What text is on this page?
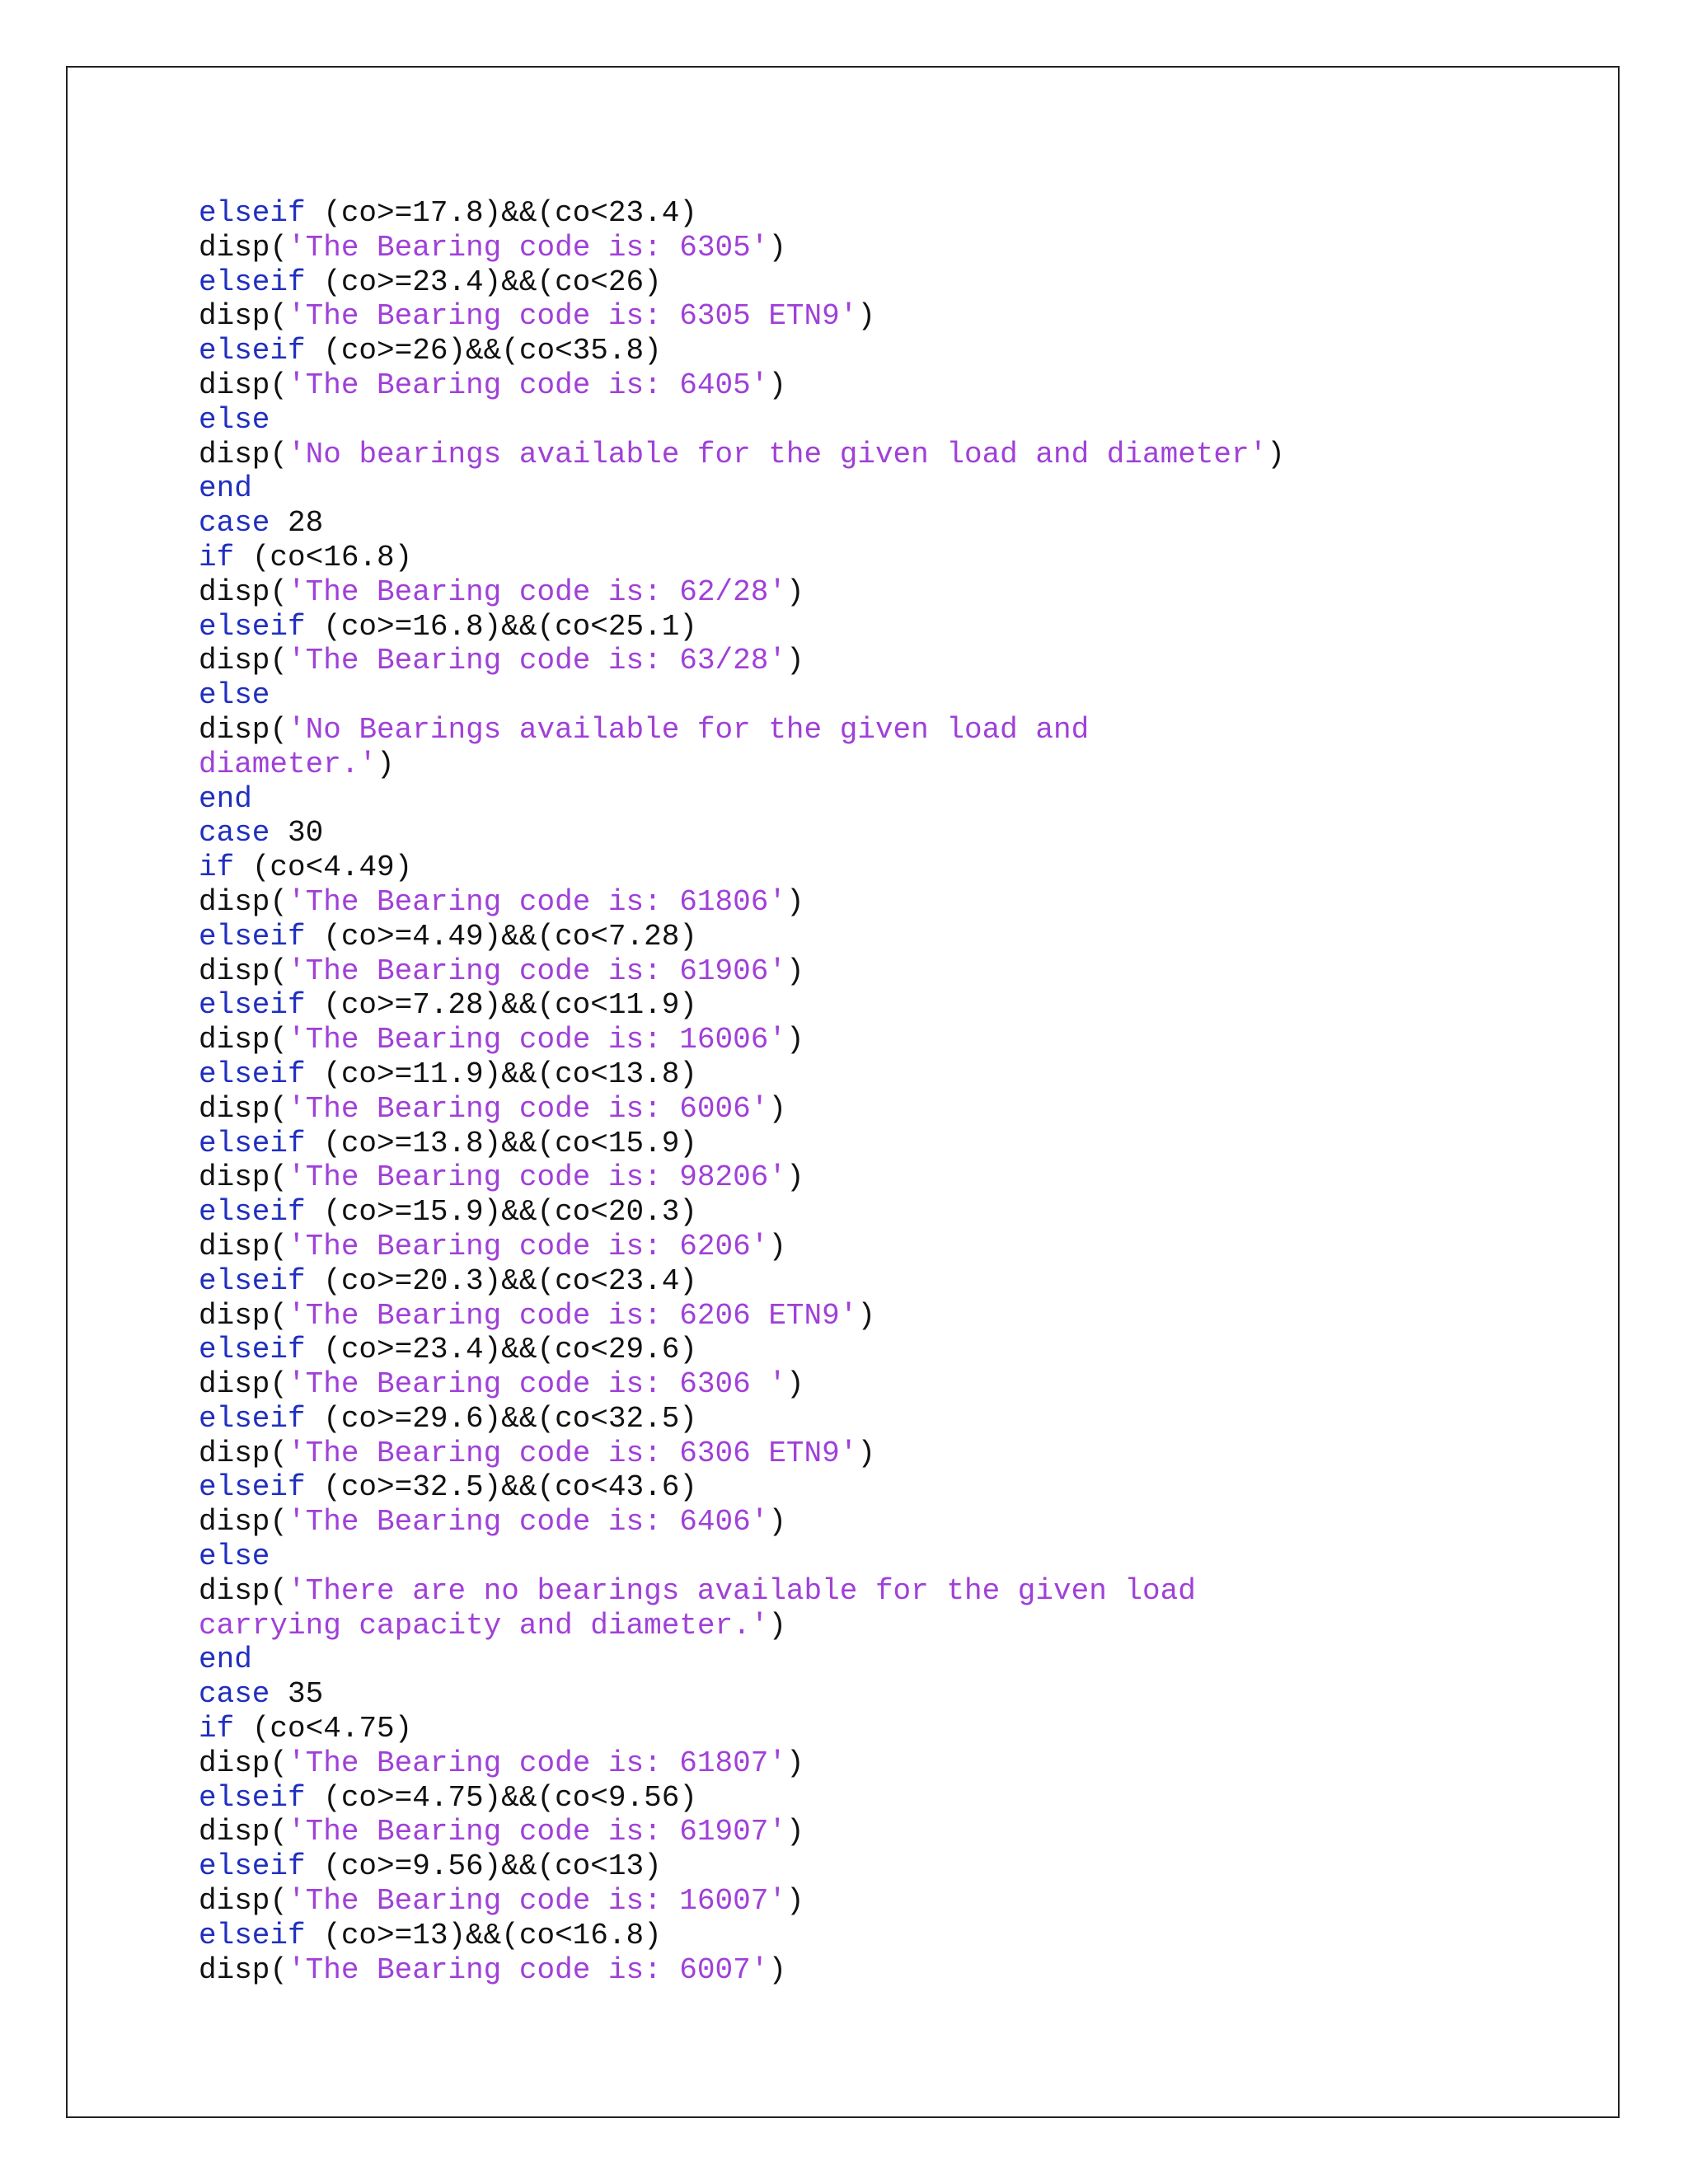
elseif (co>=17.8)&&(co<23.4)
disp('The Bearing code is: 6305')
elseif (co>=23.4)&&(co<26)
disp('The Bearing code is: 6305 ETN9')
elseif (co>=26)&&(co<35.8)
disp('The Bearing code is: 6405')
else
disp('No bearings available for the given load and diameter')
end
case 28
if (co<16.8)
disp('The Bearing code is: 62/28')
elseif (co>=16.8)&&(co<25.1)
disp('The Bearing code is: 63/28')
else
disp('No Bearings available for the given load and
diameter.')
end
case 30
if (co<4.49)
disp('The Bearing code is: 61806')
elseif (co>=4.49)&&(co<7.28)
disp('The Bearing code is: 61906')
elseif (co>=7.28)&&(co<11.9)
disp('The Bearing code is: 16006')
elseif (co>=11.9)&&(co<13.8)
disp('The Bearing code is: 6006')
elseif (co>=13.8)&&(co<15.9)
disp('The Bearing code is: 98206')
elseif (co>=15.9)&&(co<20.3)
disp('The Bearing code is: 6206')
elseif (co>=20.3)&&(co<23.4)
disp('The Bearing code is: 6206 ETN9')
elseif (co>=23.4)&&(co<29.6)
disp('The Bearing code is: 6306 ')
elseif (co>=29.6)&&(co<32.5)
disp('The Bearing code is: 6306 ETN9')
elseif (co>=32.5)&&(co<43.6)
disp('The Bearing code is: 6406')
else
disp('There are no bearings available for the given load
carrying capacity and diameter.')
end
case 35
if (co<4.75)
disp('The Bearing code is: 61807')
elseif (co>=4.75)&&(co<9.56)
disp('The Bearing code is: 61907')
elseif (co>=9.56)&&(co<13)
disp('The Bearing code is: 16007')
elseif (co>=13)&&(co<16.8)
disp('The Bearing code is: 6007')
